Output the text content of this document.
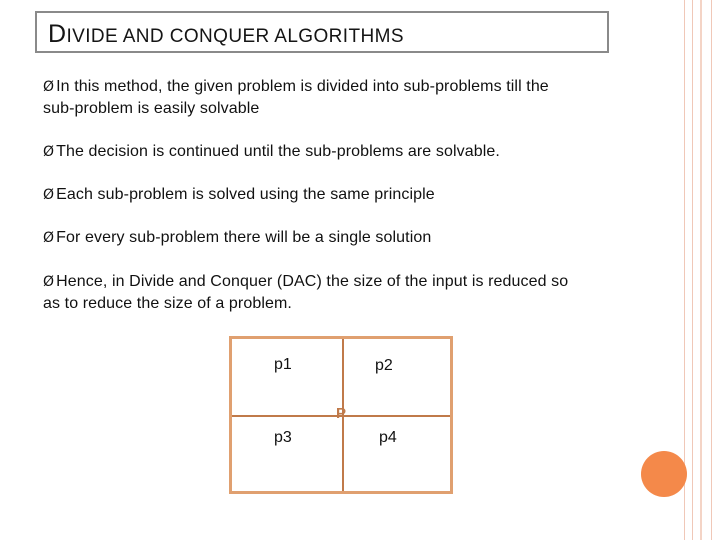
DIVIDE AND CONQUER ALGORITHMS
Ø In this method, the given problem is divided into sub-problems till the
sub-problem is easily solvable
Ø The decision is continued until the sub-problems are solvable.
Ø Each sub-problem is solved using the same principle
Ø For every sub-problem there will be a single solution
Ø Hence, in Divide and Conquer (DAC) the size of the input is reduced so
as to reduce the size of a problem.
p1	p2
p3	p4
P
